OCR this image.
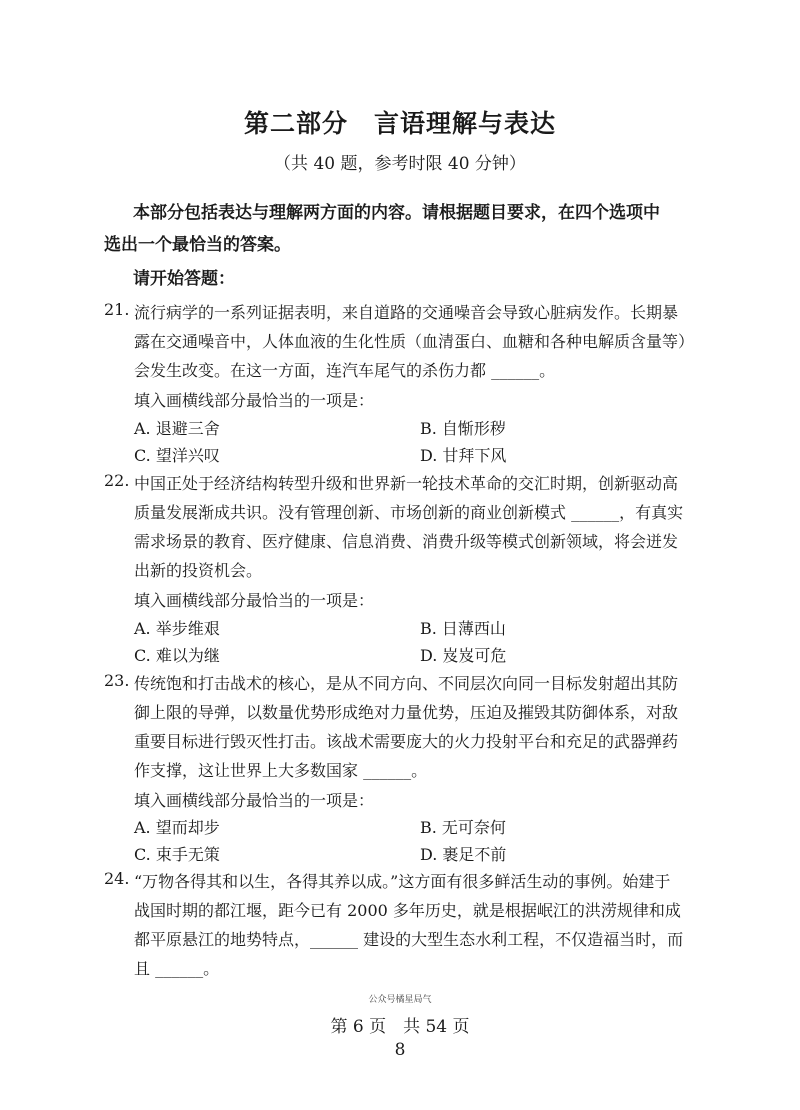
第二部分　言语理解与表达
（共 40 题，参考时限 40 分钟）
本部分包括表达与理解两方面的内容。请根据题目要求，在四个选项中
选出一个最恰当的答案。
请开始答题：
21. 流行病学的一系列证据表明，来自道路的交通噪音会导致心脏病发作。长期暴
露在交通噪音中，人体血液的生化性质（血清蛋白、血糖和各种电解质含量等）
会发生改变。在这一方面，连汽车尾气的杀伤力都 ______。
填入画横线部分最恰当的一项是：
A. 退避三舍	B. 自惭形秽
C. 望洋兴叹	D. 甘拜下风
22. 中国正处于经济结构转型升级和世界新一轮技术革命的交汇时期，创新驱动高
质量发展渐成共识。没有管理创新、市场创新的商业创新模式 ______，有真实
需求场景的教育、医疗健康、信息消费、消费升级等模式创新领域，将会迸发
出新的投资机会。
填入画横线部分最恰当的一项是：
A. 举步维艰	B. 日薄西山
C. 难以为继	D. 岌岌可危
23. 传统饱和打击战术的核心，是从不同方向、不同层次向同一目标发射超出其防
御上限的导弹，以数量优势形成绝对力量优势，压迫及摧毁其防御体系，对敌
重要目标进行毁灭性打击。该战术需要庞大的火力投射平台和充足的武器弹药
作支撑，这让世界上大多数国家 ______。
填入画横线部分最恰当的一项是：
A. 望而却步	B. 无可奈何
C. 束手无策	D. 裹足不前
24. “万物各得其和以生，各得其养以成。”这方面有很多鲜活生动的事例。始建于
战国时期的都江堰，距今已有 2000 多年历史，就是根据岷江的洪涝规律和成
都平原悬江的地势特点，______ 建设的大型生态水利工程，不仅造福当时，而
且 ______。
公众号橘星局气
第 6 页　共 54 页
8
